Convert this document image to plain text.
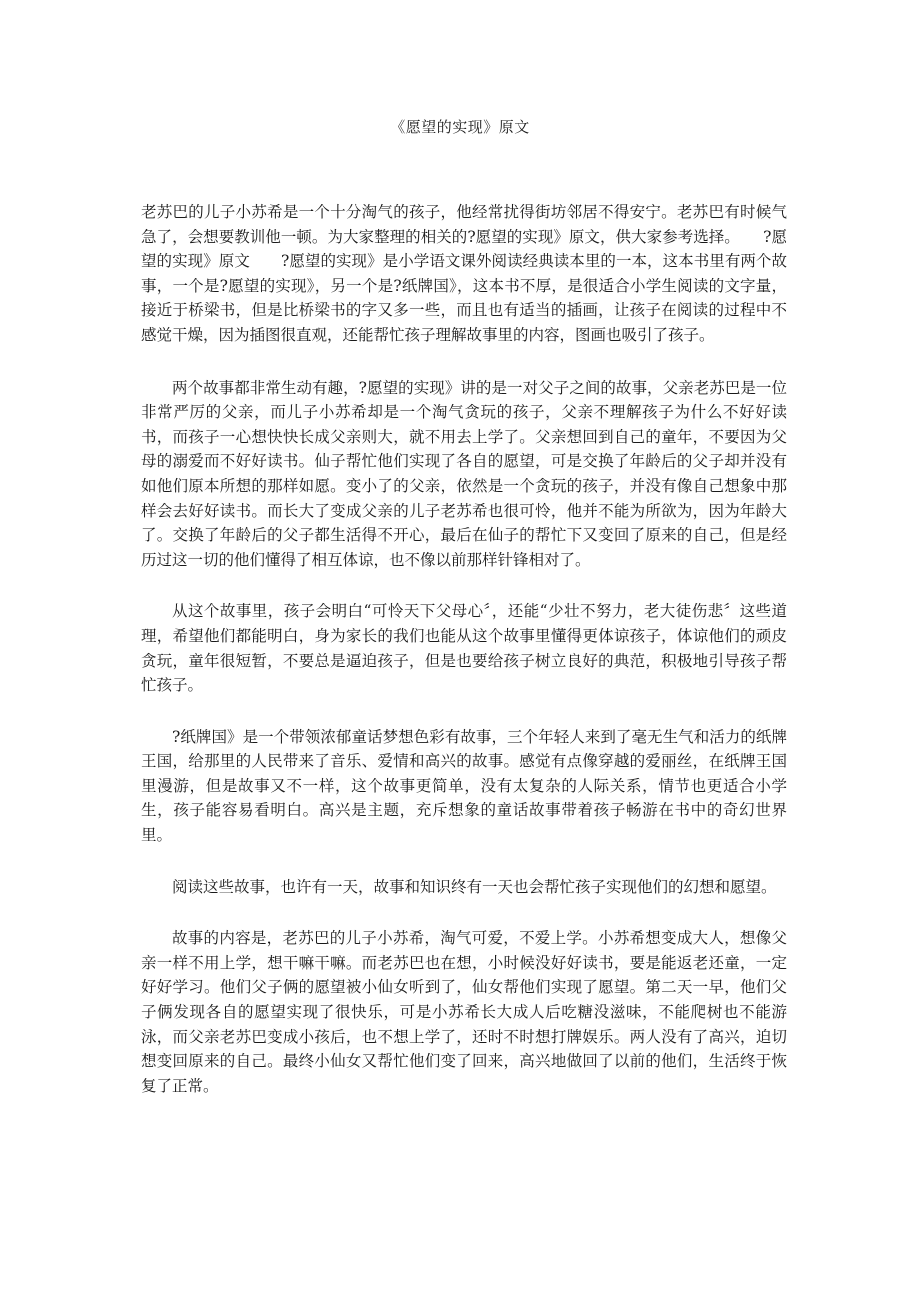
《愿望的实现》原文

老苏巴的儿子小苏希是一个十分淘气的孩子，他经常扰得街坊邻居不得安宁。老苏巴有时候气急了，会想要教训他一顿。为大家整理的相关的?愿望的实现》原文，供大家参考选择。　　?愿望的实现》原文　　?愿望的实现》是小学语文课外阅读经典读本里的一本，这本书里有两个故事，一个是?愿望的实现》，另一个是?纸牌国》，这本书不厚，是很适合小学生阅读的文字量，接近于桥梁书，但是比桥梁书的字又多一些，而且也有适当的插画，让孩子在阅读的过程中不感觉干燥，因为插图很直观，还能帮忙孩子理解故事里的内容，图画也吸引了孩子。

两个故事都非常生动有趣，?愿望的实现》讲的是一对父子之间的故事，父亲老苏巴是一位非常严厉的父亲，而儿子小苏希却是一个淘气贪玩的孩子，父亲不理解孩子为什么不好好读书，而孩子一心想快快长成父亲则大，就不用去上学了。父亲想回到自己的童年，不要因为父母的溺爱而不好好读书。仙子帮忙他们实现了各自的愿望，可是交换了年龄后的父子却并没有如他们原本所想的那样如愿。变小了的父亲，依然是一个贪玩的孩子，并没有像自己想象中那样会去好好读书。而长大了变成父亲的儿子老苏希也很可怜，他并不能为所欲为，因为年龄大了。交换了年龄后的父子都生活得不开心，最后在仙子的帮忙下又变回了原来的自己，但是经历过这一切的他们懂得了相互体谅，也不像以前那样针锋相对了。

从这个故事里，孩子会明白“可怜天下父母心〞，还能“少壮不努力，老大徒伤悲〞这些道理，希望他们都能明白，身为家长的我们也能从这个故事里懂得更体谅孩子，体谅他们的顽皮贪玩，童年很短暂，不要总是逼迫孩子，但是也要给孩子树立良好的典范，积极地引导孩子帮忙孩子。

?纸牌国》是一个带领浓郁童话梦想色彩有故事，三个年轻人来到了毫无生气和活力的纸牌王国，给那里的人民带来了音乐、爱情和高兴的故事。感觉有点像穿越的爱丽丝，在纸牌王国里漫游，但是故事又不一样，这个故事更简单，没有太复杂的人际关系，情节也更适合小学生，孩子能容易看明白。高兴是主题，充斥想象的童话故事带着孩子畅游在书中的奇幻世界里。

阅读这些故事，也许有一天，故事和知识终有一天也会帮忙孩子实现他们的幻想和愿望。

故事的内容是，老苏巴的儿子小苏希，淘气可爱，不爱上学。小苏希想变成大人，想像父亲一样不用上学，想干嘛干嘛。而老苏巴也在想，小时候没好好读书，要是能返老还童，一定好好学习。他们父子俩的愿望被小仙女听到了，仙女帮他们实现了愿望。第二天一早，他们父子俩发现各自的愿望实现了很快乐，可是小苏希长大成人后吃糖没滋味，不能爬树也不能游泳，而父亲老苏巴变成小孩后，也不想上学了，还时不时想打牌娱乐。两人没有了高兴，迫切想变回原来的自己。最终小仙女又帮忙他们变了回来，高兴地做回了以前的他们，生活终于恢复了正常。
